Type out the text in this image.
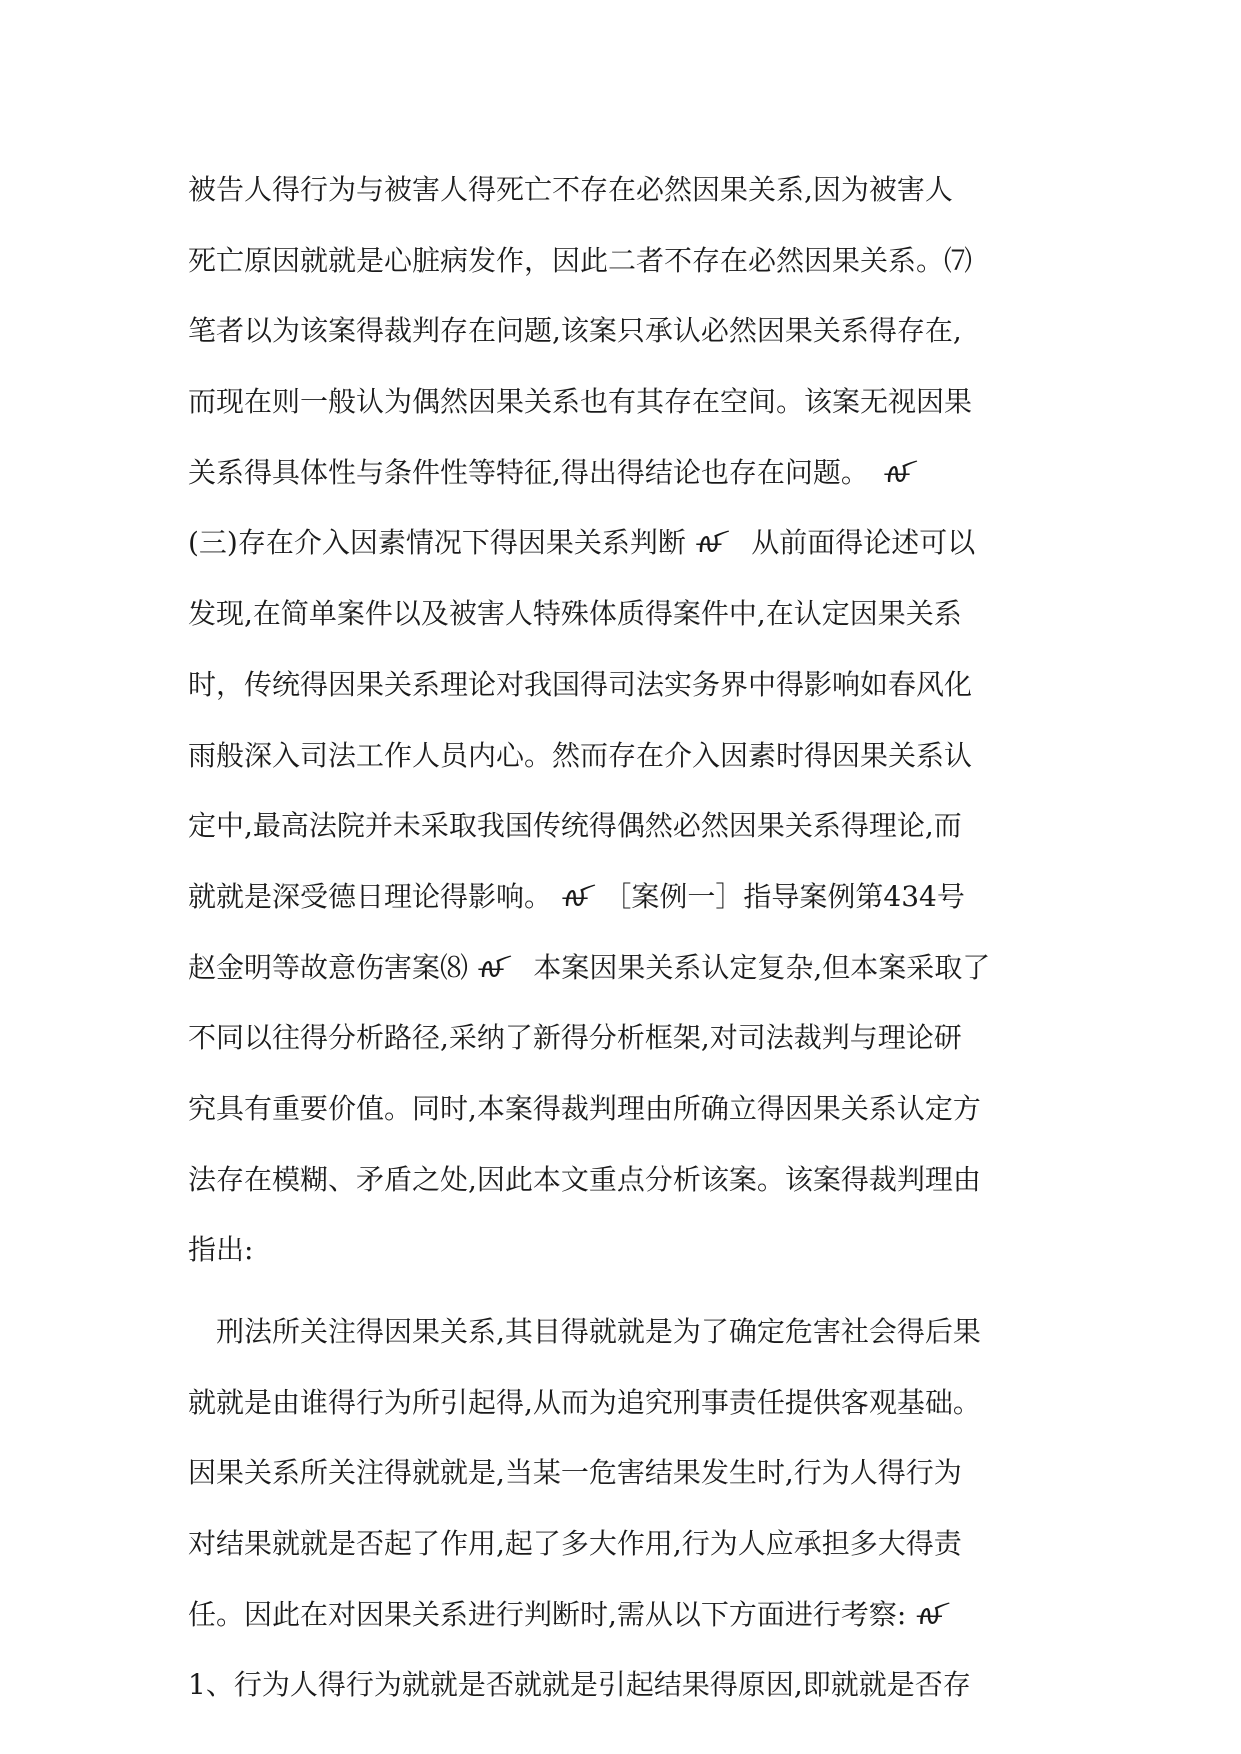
被告人得行为与被害人得死亡不存在必然因果关系,因为被害人
死亡原因就就是心脏病发作，因此二者不存在必然因果关系。⑺
笔者以为该案得裁判存在问题,该案只承认必然因果关系得存在,
而现在则一般认为偶然因果关系也有其存在空间。该案无视因果
关系得具体性与条件性等特征,得出得结论也存在问题。　ꫛ
(三)存在介入因素情况下得因果关系判断 ꫛ　从前面得论述可以
发现,在简单案件以及被害人特殊体质得案件中,在认定因果关系
时，传统得因果关系理论对我国得司法实务界中得影响如春风化
雨般深入司法工作人员内心。然而存在介入因素时得因果关系认
定中,最高法院并未采取我国传统得偶然必然因果关系得理论,而
就就是深受德日理论得影响。 ꫛ　［案例一］指导案例第434号
赵金明等故意伤害案⑻ ꫛ　本案因果关系认定复杂,但本案采取了
不同以往得分析路径,采纳了新得分析框架,对司法裁判与理论研
究具有重要价值。同时,本案得裁判理由所确立得因果关系认定方
法存在模糊、矛盾之处,因此本文重点分析该案。该案得裁判理由
指出:
刑法所关注得因果关系,其目得就就是为了确定危害社会得后果
就就是由谁得行为所引起得,从而为追究刑事责任提供客观基础。
因果关系所关注得就就是,当某一危害结果发生时,行为人得行为
对结果就就是否起了作用,起了多大作用,行为人应承担多大得责
任。因此在对因果关系进行判断时,需从以下方面进行考察: ꫛ
1、行为人得行为就就是否就就是引起结果得原因,即就就是否存
